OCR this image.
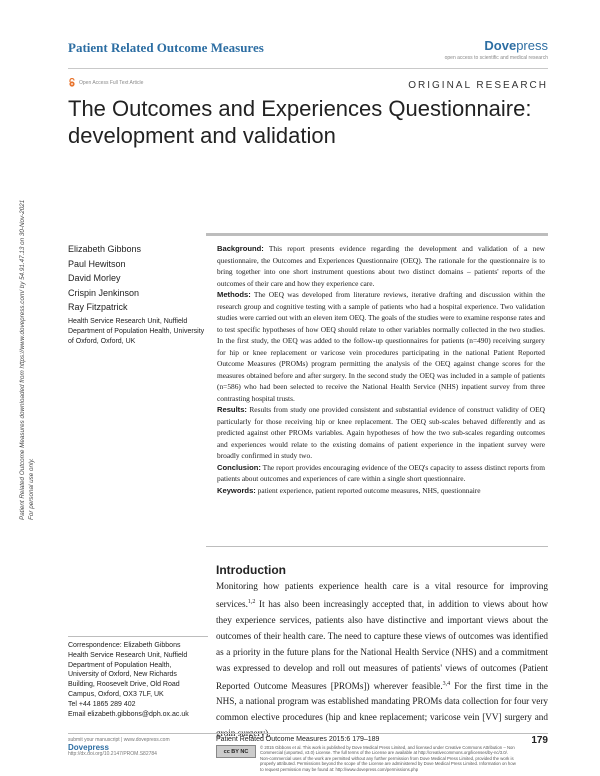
Patient Related Outcome Measures	Dovepress
open access to scientific and medical research
Open Access Full Text Article	ORIGINAL RESEARCH
The Outcomes and Experiences Questionnaire: development and validation
Patient Related Outcome Measures downloaded from https://www.dovepress.com/ by 54.91.47.13 on 30-Nov-2021 For personal use only.
Elizabeth Gibbons
Paul Hewitson
David Morley
Crispin Jenkinson
Ray Fitzpatrick
Health Service Research Unit, Nuffield Department of Population Health, University of Oxford, Oxford, UK

Background: This report presents evidence regarding the development and validation of a new questionnaire, the Outcomes and Experiences Questionnaire (OEQ). The rationale for the questionnaire is to bring together into one short instrument questions about two distinct domains – patients' reports of the outcomes of their care and how they experience care.

Methods: The OEQ was developed from literature reviews, iterative drafting and discussion within the research group and cognitive testing with a sample of patients who had a hospital experience. Two validation studies were carried out with an eleven item OEQ. The goals of the studies were to examine response rates and to test specific hypotheses of how OEQ should relate to other variables normally collected in the two studies. In the first study, the OEQ was added to the follow-up questionnaires for patients (n=490) receiving surgery for hip or knee replacement or varicose vein procedures participating in the national Patient Reported Outcome Measures (PROMs) program permitting the analysis of the OEQ against change scores for the measures obtained before and after surgery. In the second study the OEQ was included in a sample of patients (n=586) who had been selected to receive the National Health Service (NHS) inpatient survey from three contrasting hospital trusts.

Results: Results from study one provided consistent and substantial evidence of construct validity of OEQ particularly for those receiving hip or knee replacement. The OEQ sub-scales behaved differently and as predicted against other PROMs variables. Again hypotheses of how the two sub-scales regarding outcomes and experiences would relate to the existing domains of patient experience in the inpatient survey were broadly confirmed in study two.

Conclusion: The report provides encouraging evidence of the OEQ's capacity to assess distinct reports from patients about outcomes and experiences of care within a single short questionnaire.

Keywords: patient experience, patient reported outcome measures, NHS, questionnaire

Introduction

Monitoring how patients experience health care is a vital resource for improving services.$^{1,2}$ It has also been increasingly accepted that, in addition to views about how they experience services, patients also have distinctive and important views about the outcomes of their health care. The need to capture these views of outcomes was identified as a priority in the future plans for the National Health Service (NHS) and a commitment was expressed to develop and roll out measures of patients' views of outcomes (Patient Reported Outcome Measures [PROMs]) wherever feasible.$^{3,4}$ For the first time in the NHS, a national program was established mandating PROMs data collection for four very common elective procedures (hip and knee replacement; varicose vein [VV] surgery and groin surgery).

Correspondence: Elizabeth Gibbons
Health Service Research Unit, Nuffield
Department of Population Health,
University of Oxford, New Richards
Building, Roosevelt Drive, Old Road
Campus, Oxford, OX3 7LF, UK
Tel +44 1865 289 402
Email elizabeth.gibbons@dph.ox.ac.uk
submit your manuscript | www.dovepress.com
Dovepress
http://dx.doi.org/10.2147/PROM.S82784
Patient Related Outcome Measures 2015:6 179–189
cc BY NC
© 2015 Gibbons et al. This work is published by Dove Medical Press Limited, and licensed under Creative Commons Attribution – Non Commercial (unported, v3.0) License. The full terms of the License are available at http://creativecommons.org/licenses/by-nc/3.0/. Non-commercial uses of the work are permitted without any further permission from Dove Medical Press Limited, provided the work is properly attributed. Permissions beyond the scope of the License are administered by Dove Medical Press Limited. Information on how to request permission may be found at: http://www.dovepress.com/permissions.php
179
